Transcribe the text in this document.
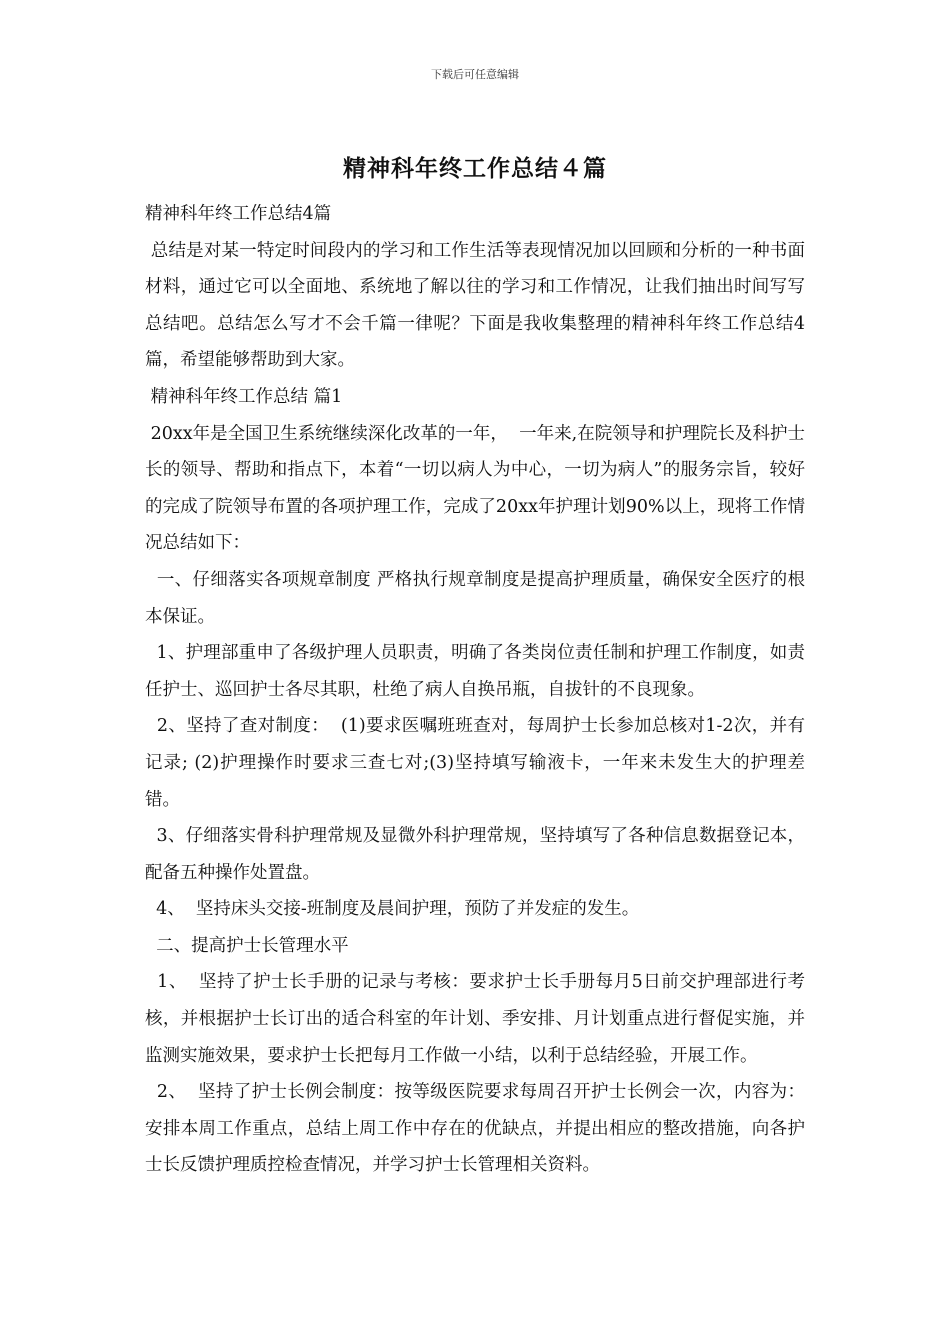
下载后可任意编辑
精神科年终工作总结４篇

精神科年终工作总结4篇

总结是对某一特定时间段内的学习和工作生活等表现情况加以回顾和分析的一种书面材料，通过它可以全面地、系统地了解以往的学习和工作情况，让我们抽出时间写写总结吧。总结怎么写才不会千篇一律呢？下面是我收集整理的精神科年终工作总结4篇，希望能够帮助到大家。

精神科年终工作总结 篇1

20xx年是全国卫生系统继续深化改革的一年，  一年来,在院领导和护理院长及科护士长的领导、帮助和指点下，本着“一切以病人为中心，一切为病人”的服务宗旨，较好的完成了院领导布置的各项护理工作，完成了20xx年护理计划90%以上，现将工作情况总结如下：

一、仔细落实各项规章制度 严格执行规章制度是提高护理质量，确保安全医疗的根本保证。

1、护理部重申了各级护理人员职责，明确了各类岗位责任制和护理工作制度，如责任护士、巡回护士各尽其职，杜绝了病人自换吊瓶，自拔针的不良现象。

2、坚持了查对制度：  (1)要求医嘱班班查对，每周护士长参加总核对1-2次，并有记录; (2)护理操作时要求三查七对;(3)坚持填写输液卡，一年来未发生大的护理差错。

3、仔细落实骨科护理常规及显微外科护理常规，坚持填写了各种信息数据登记本，配备五种操作处置盘。

4、  坚持床头交接-班制度及晨间护理，预防了并发症的发生。

二、提高护士长管理水平

1、  坚持了护士长手册的记录与考核：要求护士长手册每月5日前交护理部进行考核，并根据护士长订出的适合科室的年计划、季安排、月计划重点进行督促实施，并监测实施效果，要求护士长把每月工作做一小结，以利于总结经验，开展工作。

2、  坚持了护士长例会制度：按等级医院要求每周召开护士长例会一次，内容为：安排本周工作重点，总结上周工作中存在的优缺点，并提出相应的整改措施，向各护士长反馈护理质控检查情况，并学习护士长管理相关资料。
